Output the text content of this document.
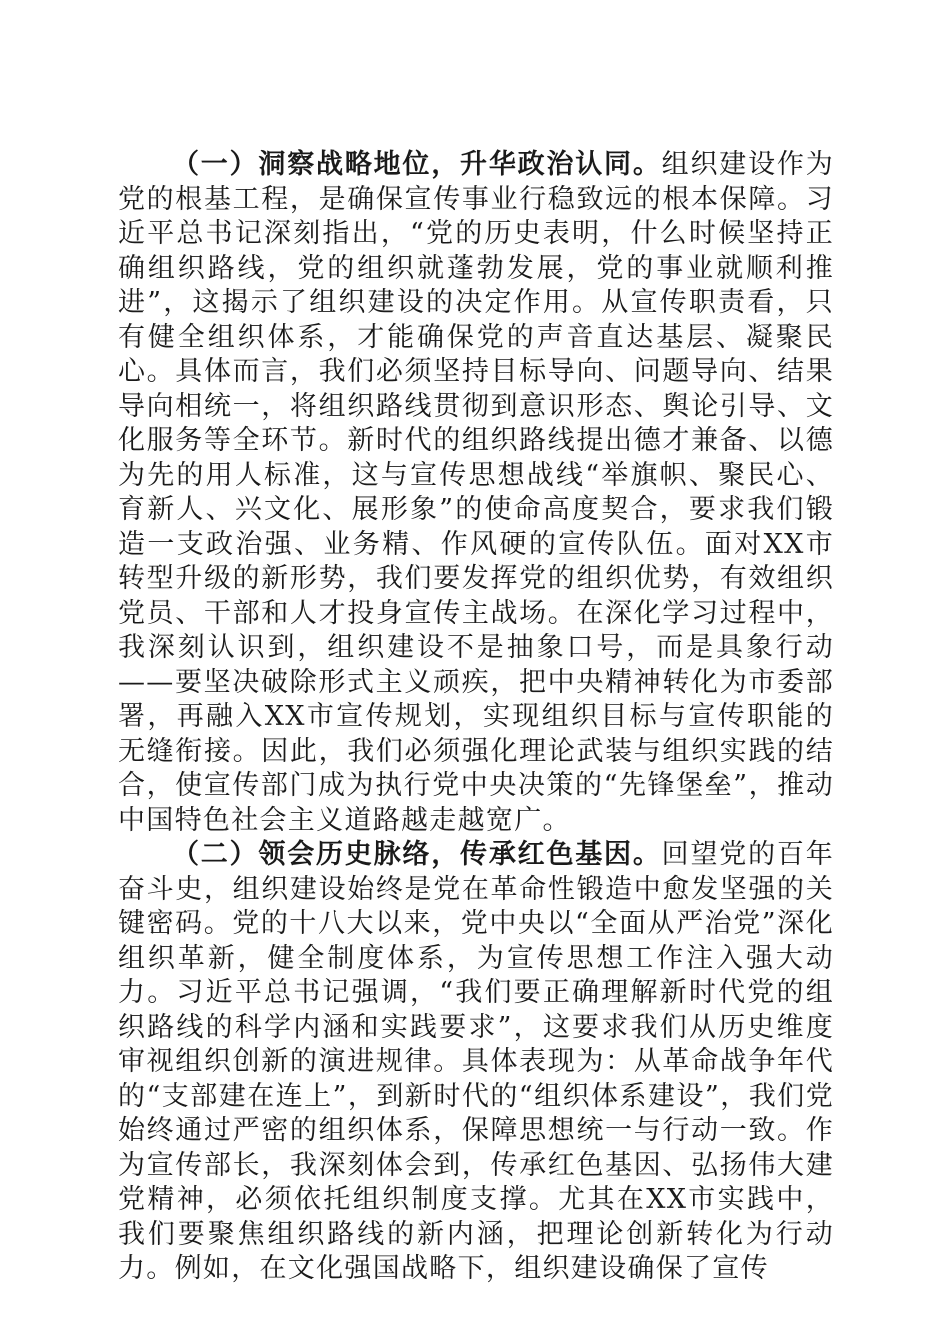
（一）洞察战略地位，升华政治认同。组织建设作为党的根基工程，是确保宣传事业行稳致远的根本保障。习近平总书记深刻指出，“党的历史表明，什么时候坚持正确组织路线，党的组织就蓬勃发展，党的事业就顺利推进”，这揭示了组织建设的决定作用。从宣传职责看，只有健全组织体系，才能确保党的声音直达基层、凝聚民心。具体而言，我们必须坚持目标导向、问题导向、结果导向相统一，将组织路线贯彻到意识形态、舆论引导、文化服务等全环节。新时代的组织路线提出德才兼备、以德为先的用人标准，这与宣传思想战线“举旗帜、聚民心、育新人、兴文化、展形象”的使命高度契合，要求我们锻造一支政治强、业务精、作风硬的宣传队伍。面对XX市转型升级的新形势，我们要发挥党的组织优势，有效组织党员、干部和人才投身宣传主战场。在深化学习过程中，我深刻认识到，组织建设不是抽象口号，而是具象行动——要坚决破除形式主义顽疾，把中央精神转化为市委部署，再融入XX市宣传规划，实现组织目标与宣传职能的无缝衔接。因此，我们必须强化理论武装与组织实践的结合，使宣传部门成为执行党中央决策的“先锋堡垒”，推动中国特色社会主义道路越走越宽广。

（二）领会历史脉络，传承红色基因。回望党的百年奋斗史，组织建设始终是党在革命性锻造中愈发坚强的关键密码。党的十八大以来，党中央以“全面从严治党”深化组织革新，健全制度体系，为宣传思想工作注入强大动力。习近平总书记强调，“我们要正确理解新时代党的组织路线的科学内涵和实践要求”，这要求我们从历史维度审视组织创新的演进规律。具体表现为：从革命战争年代的“支部建在连上”，到新时代的“组织体系建设”，我们党始终通过严密的组织体系，保障思想统一与行动一致。作为宣传部长，我深刻体会到，传承红色基因、弘扬伟大建党精神，必须依托组织制度支撑。尤其在XX市实践中，我们要聚焦组织路线的新内涵，把理论创新转化为行动力。例如，在文化强国战略下，组织建设确保了宣传
